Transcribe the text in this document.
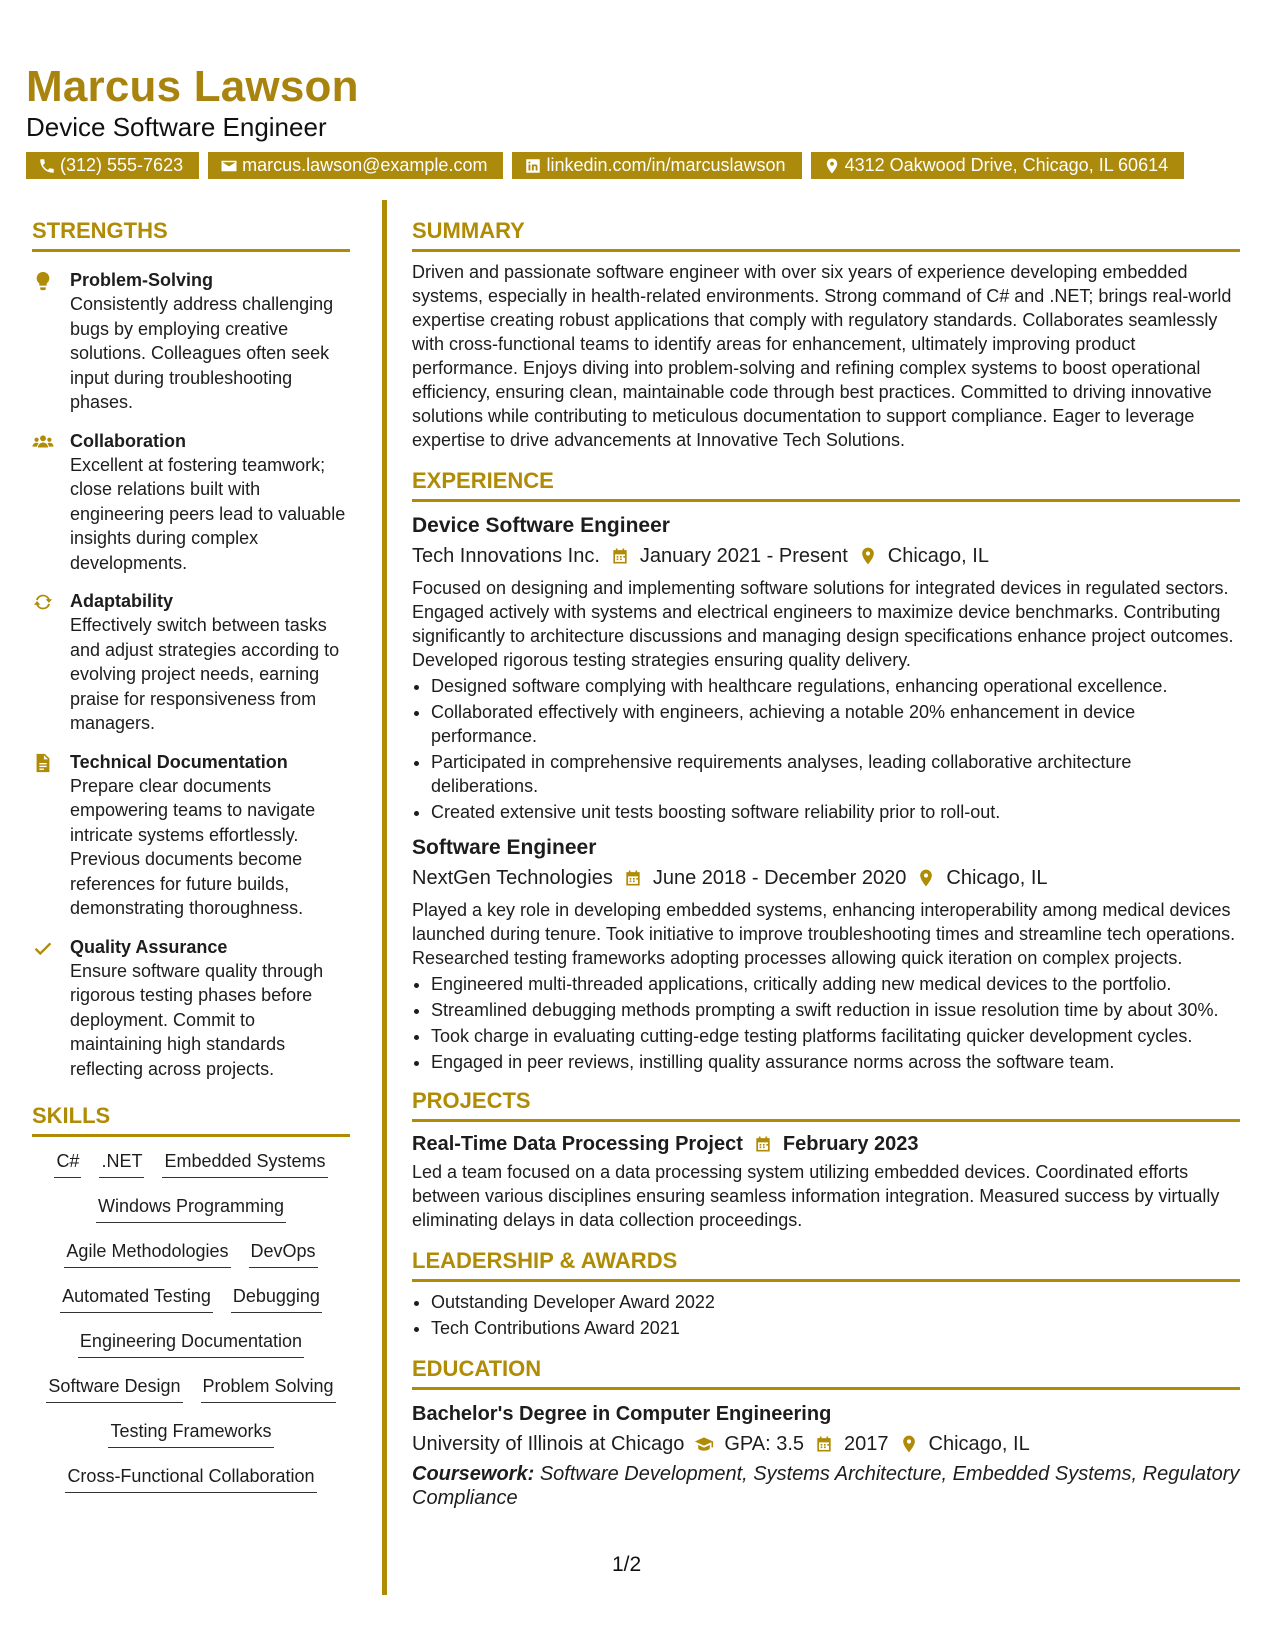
Marcus Lawson
Device Software Engineer
(312) 555-7623	marcus.lawson@example.com	linkedin.com/in/marcuslawson	4312 Oakwood Drive, Chicago, IL 60614
STRENGTHS
Problem-Solving
Consistently address challenging bugs by employing creative solutions. Colleagues often seek input during troubleshooting phases.
Collaboration
Excellent at fostering teamwork; close relations built with engineering peers lead to valuable insights during complex developments.
Adaptability
Effectively switch between tasks and adjust strategies according to evolving project needs, earning praise for responsiveness from managers.
Technical Documentation
Prepare clear documents empowering teams to navigate intricate systems effortlessly. Previous documents become references for future builds, demonstrating thoroughness.
Quality Assurance
Ensure software quality through rigorous testing phases before deployment. Commit to maintaining high standards reflecting across projects.
SKILLS
C# .NET Embedded Systems
Windows Programming
Agile Methodologies DevOps
Automated Testing Debugging
Engineering Documentation
Software Design Problem Solving
Testing Frameworks
Cross-Functional Collaboration
SUMMARY
Driven and passionate software engineer with over six years of experience developing embedded systems, especially in health-related environments. Strong command of C# and .NET; brings real-world expertise creating robust applications that comply with regulatory standards. Collaborates seamlessly with cross-functional teams to identify areas for enhancement, ultimately improving product performance. Enjoys diving into problem-solving and refining complex systems to boost operational efficiency, ensuring clean, maintainable code through best practices. Committed to driving innovative solutions while contributing to meticulous documentation to support compliance. Eager to leverage expertise to drive advancements at Innovative Tech Solutions.
EXPERIENCE
Device Software Engineer
Tech Innovations Inc. January 2021 - Present Chicago, IL
Focused on designing and implementing software solutions for integrated devices in regulated sectors. Engaged actively with systems and electrical engineers to maximize device benchmarks. Contributing significantly to architecture discussions and managing design specifications enhance project outcomes. Developed rigorous testing strategies ensuring quality delivery.
• Designed software complying with healthcare regulations, enhancing operational excellence.
• Collaborated effectively with engineers, achieving a notable 20% enhancement in device performance.
• Participated in comprehensive requirements analyses, leading collaborative architecture deliberations.
• Created extensive unit tests boosting software reliability prior to roll-out.
Software Engineer
NextGen Technologies June 2018 - December 2020 Chicago, IL
Played a key role in developing embedded systems, enhancing interoperability among medical devices launched during tenure. Took initiative to improve troubleshooting times and streamline tech operations. Researched testing frameworks adopting processes allowing quick iteration on complex projects.
• Engineered multi-threaded applications, critically adding new medical devices to the portfolio.
• Streamlined debugging methods prompting a swift reduction in issue resolution time by about 30%.
• Took charge in evaluating cutting-edge testing platforms facilitating quicker development cycles.
• Engaged in peer reviews, instilling quality assurance norms across the software team.
PROJECTS
Real-Time Data Processing Project February 2023
Led a team focused on a data processing system utilizing embedded devices. Coordinated efforts between various disciplines ensuring seamless information integration. Measured success by virtually eliminating delays in data collection proceedings.
LEADERSHIP & AWARDS
• Outstanding Developer Award 2022
• Tech Contributions Award 2021
EDUCATION
Bachelor's Degree in Computer Engineering
University of Illinois at Chicago GPA: 3.5 2017 Chicago, IL
Coursework: Software Development, Systems Architecture, Embedded Systems, Regulatory Compliance
1/2
